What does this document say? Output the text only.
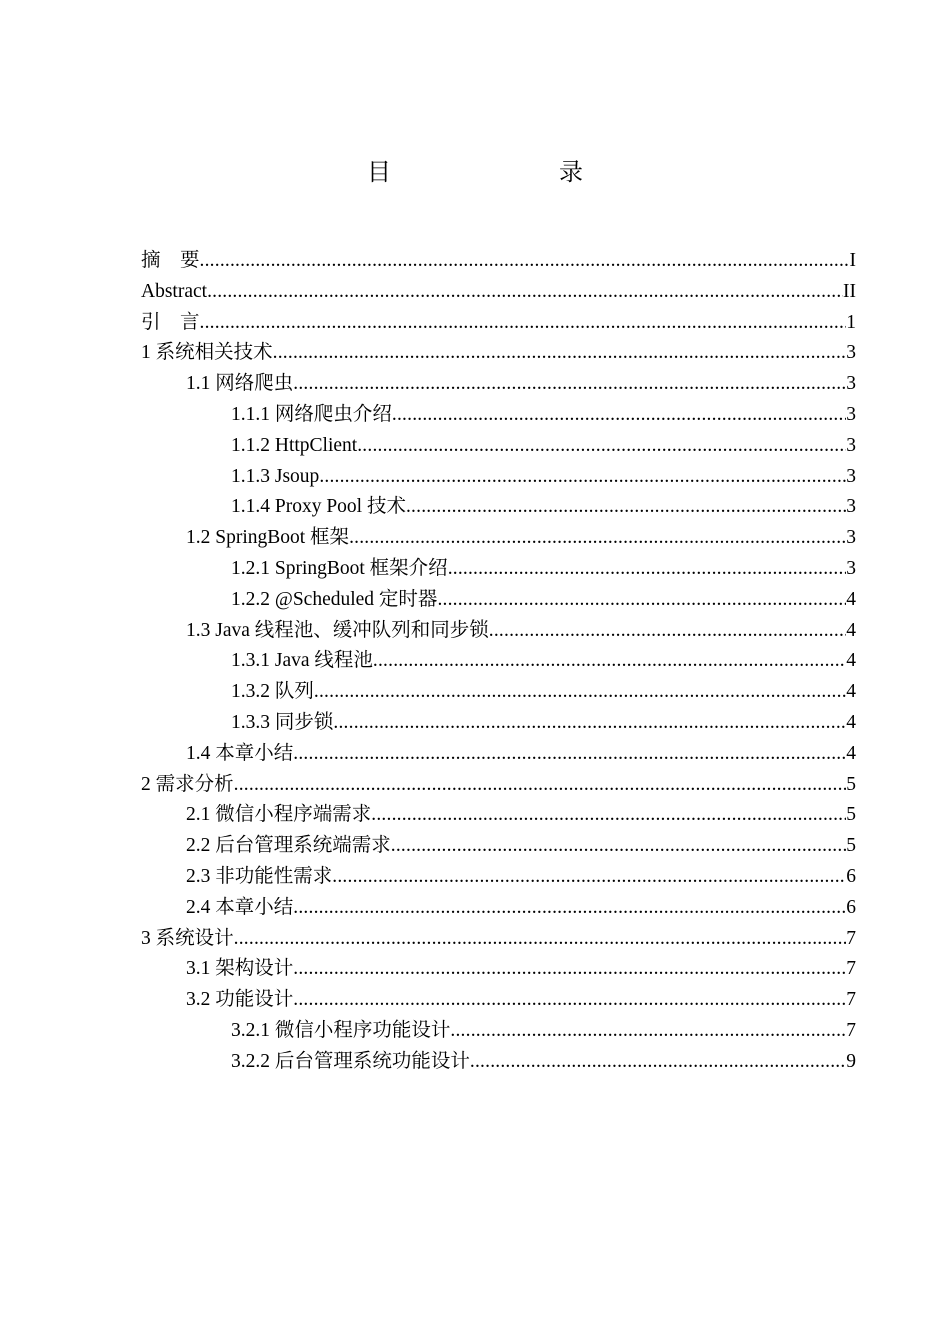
目　　录
摘　要 .....	I
Abstract .....	II
引　言 .....	1
1 系统相关技术 .....	3
1.1 网络爬虫 .....	3
1.1.1 网络爬虫介绍 .....	3
1.1.2 HttpClient .....	3
1.1.3 Jsoup .....	3
1.1.4 Proxy Pool 技术 .....	3
1.2 SpringBoot 框架 .....	3
1.2.1 SpringBoot 框架介绍 .....	3
1.2.2 @Scheduled 定时器 .....	4
1.3 Java 线程池、缓冲队列和同步锁 .....	4
1.3.1 Java 线程池 .....	4
1.3.2 队列 .....	4
1.3.3 同步锁 .....	4
1.4 本章小结 .....	4
2 需求分析 .....	5
2.1 微信小程序端需求 .....	5
2.2 后台管理系统端需求 .....	5
2.3 非功能性需求 .....	6
2.4 本章小结 .....	6
3 系统设计 .....	7
3.1 架构设计 .....	7
3.2 功能设计 .....	7
3.2.1 微信小程序功能设计 .....	7
3.2.2 后台管理系统功能设计 .....	9
